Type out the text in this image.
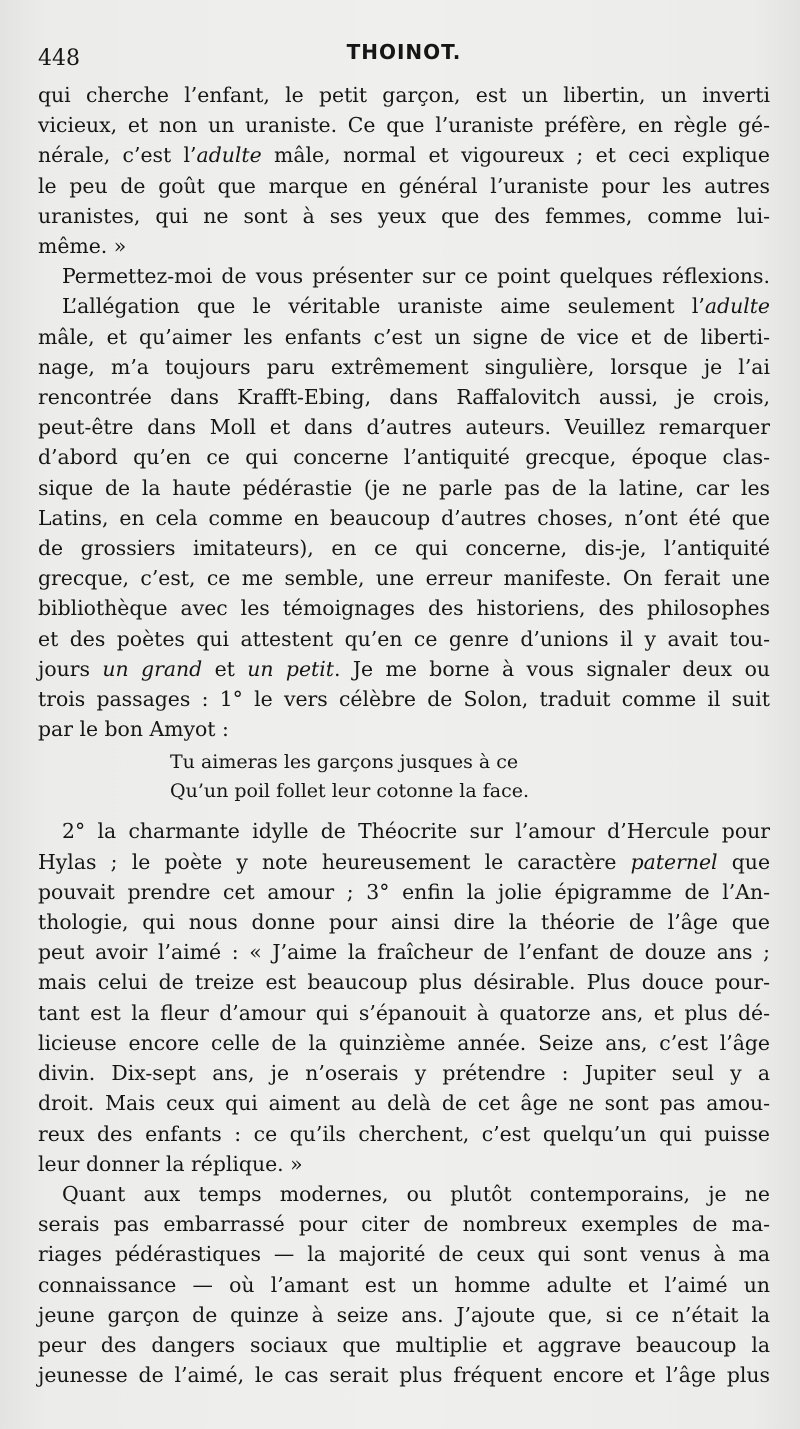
448	THOINOT.
qui cherche l’enfant, le petit garçon, est un libertin, un inverti
vicieux, et non un uraniste. Ce que l’uraniste préfère, en règle gé-
nérale, c’est l’adulte mâle, normal et vigoureux ; et ceci explique
le peu de goût que marque en général l’uraniste pour les autres
uranistes, qui ne sont à ses yeux que des femmes, comme lui-
même. »
Permettez-moi de vous présenter sur ce point quelques réflexions.
L’allégation que le véritable uraniste aime seulement l’adulte
mâle, et qu’aimer les enfants c’est un signe de vice et de liberti-
nage, m’a toujours paru extrêmement singulière, lorsque je l’ai
rencontrée dans Krafft-Ebing, dans Raffalovitch aussi, je crois,
peut-être dans Moll et dans d’autres auteurs. Veuillez remarquer
d’abord qu’en ce qui concerne l’antiquité grecque, époque clas-
sique de la haute pédérastie (je ne parle pas de la latine, car les
Latins, en cela comme en beaucoup d’autres choses, n’ont été que
de grossiers imitateurs), en ce qui concerne, dis-je, l’antiquité
grecque, c’est, ce me semble, une erreur manifeste. On ferait une
bibliothèque avec les témoignages des historiens, des philosophes
et des poètes qui attestent qu’en ce genre d’unions il y avait tou-
jours un grand et un petit. Je me borne à vous signaler deux ou
trois passages : 1° le vers célèbre de Solon, traduit comme il suit
par le bon Amyot :
Tu aimeras les garçons jusques à ce
Qu’un poil follet leur cotonne la face.
2° la charmante idylle de Théocrite sur l’amour d’Hercule pour
Hylas ; le poète y note heureusement le caractère paternel que
pouvait prendre cet amour ; 3° enfin la jolie épigramme de l’An-
thologie, qui nous donne pour ainsi dire la théorie de l’âge que
peut avoir l’aimé : « J’aime la fraîcheur de l’enfant de douze ans ;
mais celui de treize est beaucoup plus désirable. Plus douce pour-
tant est la fleur d’amour qui s’épanouit à quatorze ans, et plus dé-
licieuse encore celle de la quinzième année. Seize ans, c’est l’âge
divin. Dix-sept ans, je n’oserais y prétendre : Jupiter seul y a
droit. Mais ceux qui aiment au delà de cet âge ne sont pas amou-
reux des enfants : ce qu’ils cherchent, c’est quelqu’un qui puisse
leur donner la réplique. »
Quant aux temps modernes, ou plutôt contemporains, je ne
serais pas embarrassé pour citer de nombreux exemples de ma-
riages pédérastiques — la majorité de ceux qui sont venus à ma
connaissance — où l’amant est un homme adulte et l’aimé un
jeune garçon de quinze à seize ans. J’ajoute que, si ce n’était la
peur des dangers sociaux que multiplie et aggrave beaucoup la
jeunesse de l’aimé, le cas serait plus fréquent encore et l’âge plus
